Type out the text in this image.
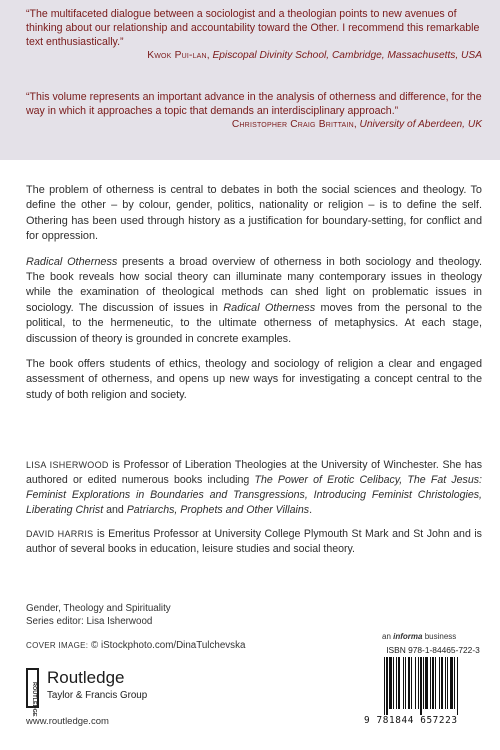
“The multifaceted dialogue between a sociologist and a theologian points to new avenues of thinking about our relationship and accountability toward the Other. I recommend this remarkable text enthusiastically.”
Kwok Pui-lan , Episcopal Divinity School, Cambridge, Massachusetts, USA
“This volume represents an important advance in the analysis of otherness and difference, for the way in which it approaches a topic that demands an interdisciplinary approach.”
Christopher Craig Brittain , University of Aberdeen, UK

The problem of otherness is central to debates in both the social sciences and theology. To define the other – by colour, gender, politics, nationality or religion – is to define the self. Othering has been used through history as a justification for boundary-setting, for conflict and for oppression.

Radical Otherness presents a broad overview of otherness in both sociology and theology. The book reveals how social theory can illuminate many contemporary issues in theology while the examination of theological methods can shed light on problematic issues in sociology. The discussion of issues in Radical Otherness moves from the personal to the political, to the hermeneutic, to the ultimate otherness of metaphysics. At each stage, discussion of theory is grounded in concrete examples.

The book offers students of ethics, theology and sociology of religion a clear and engaged assessment of otherness, and opens up new ways for investigating a concept central to the study of both religion and society.

LISA ISHERWOOD is Professor of Liberation Theologies at the University of Winchester. She has authored or edited numerous books including The Power of Erotic Celibacy, The Fat Jesus: Feminist Explorations in Boundaries and Transgressions, Introducing Feminist Christologies, Liberating Christ and Patriarchs, Prophets and Other Villains.

DAVID HARRIS is Emeritus Professor at University College Plymouth St Mark and St John and is author of several books in education, leisure studies and social theory.

Gender, Theology and Spirituality
Series editor: Lisa Isherwood
COVER IMAGE: © iStockphoto.com/DinaTulchevska
ROUTLEDGE
Routledge
Taylor & Francis Group
www.routledge.com
an informa business
ISBN 978-1-84465-722-3
9 781844 657223
